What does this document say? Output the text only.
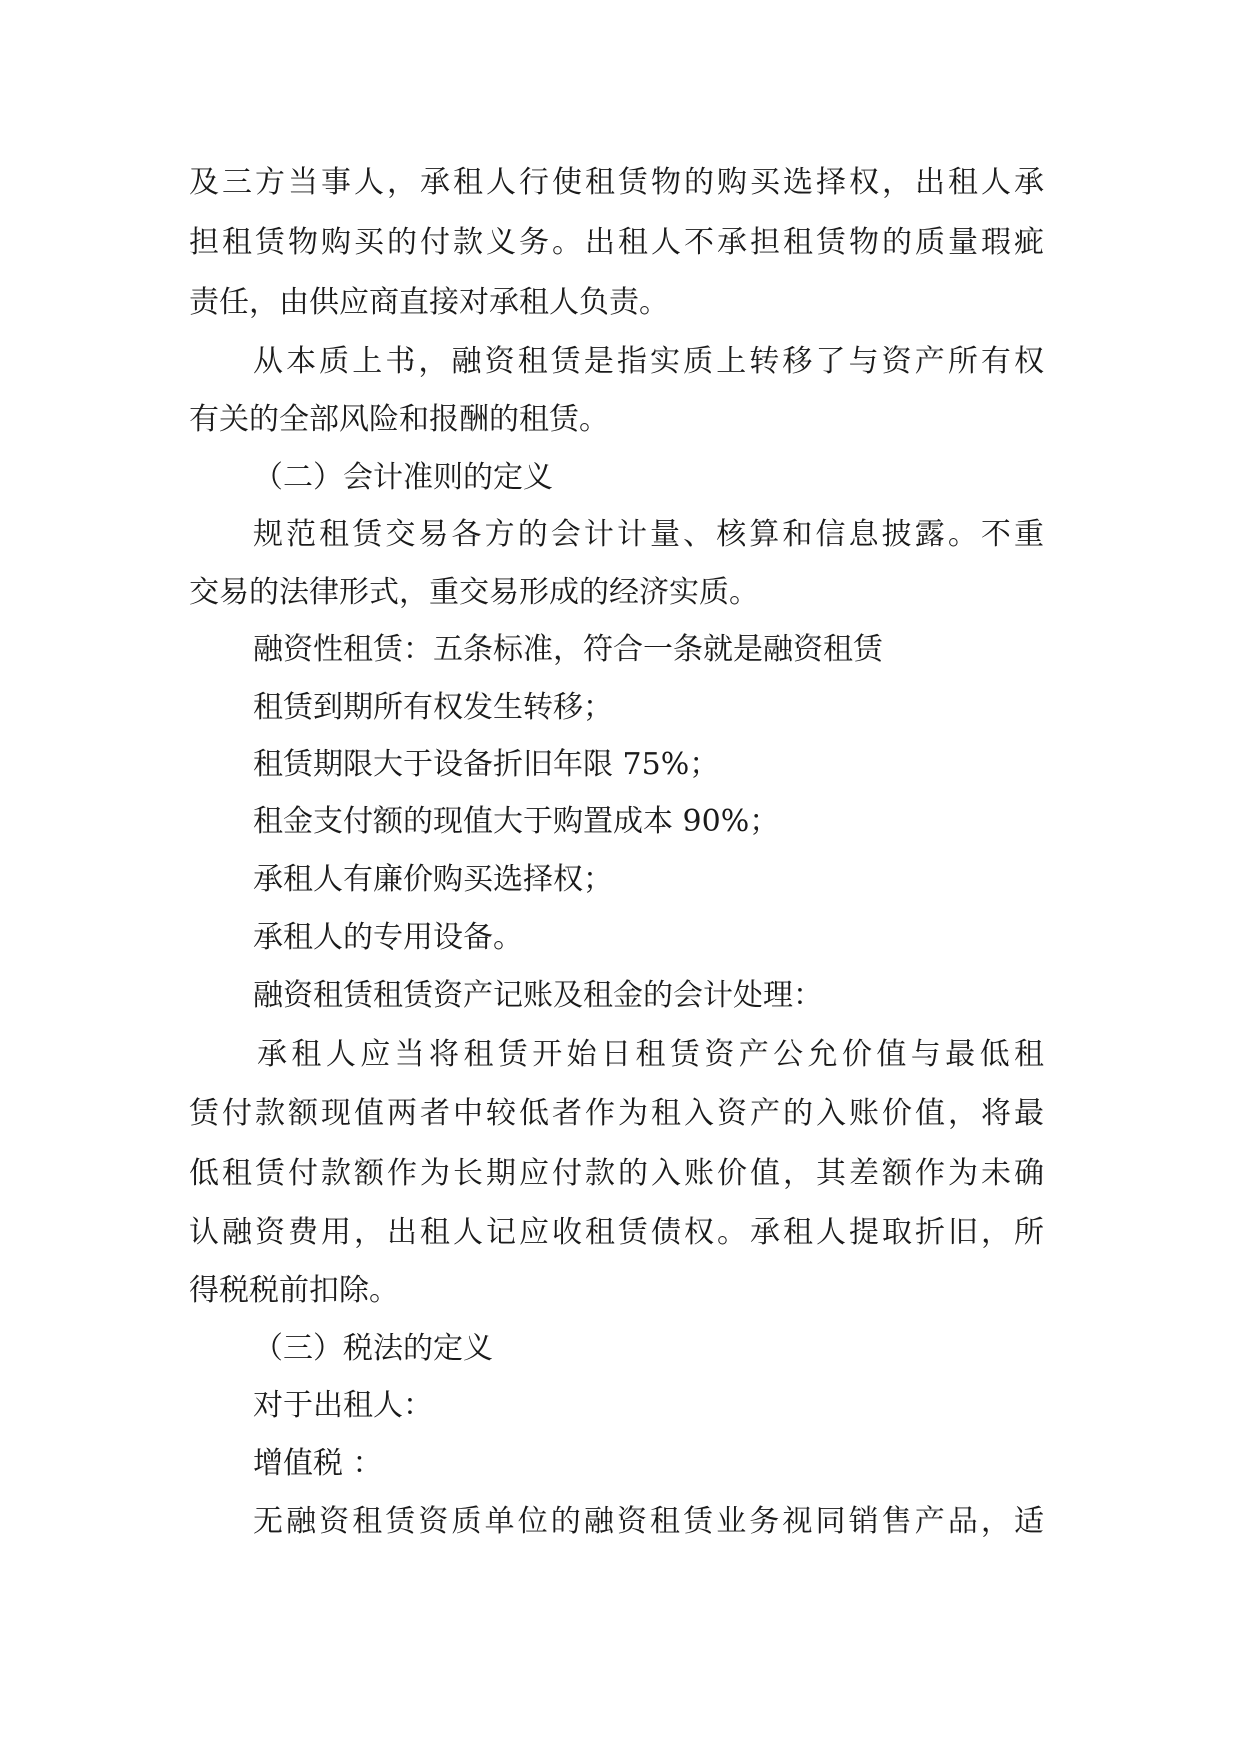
及三方当事人，承租人行使租赁物的购买选择权，出租人承
担租赁物购买的付款义务。出租人不承担租赁物的质量瑕疵
责任，由供应商直接对承租人负责。
从本质上书，融资租赁是指实质上转移了与资产所有权
有关的全部风险和报酬的租赁。
（二）会计准则的定义
规范租赁交易各方的会计计量、核算和信息披露。不重
交易的法律形式，重交易形成的经济实质。
融资性租赁：五条标准，符合一条就是融资租赁
租赁到期所有权发生转移；
租赁期限大于设备折旧年限 75%；
租金支付额的现值大于购置成本 90%；
承租人有廉价购买选择权；
承租人的专用设备。
融资租赁租赁资产记账及租金的会计处理：
承租人应当将租赁开始日租赁资产公允价值与最低租
赁付款额现值两者中较低者作为租入资产的入账价值，将最
低租赁付款额作为长期应付款的入账价值，其差额作为未确
认融资费用，出租人记应收租赁债权。承租人提取折旧，所
得税税前扣除。
（三）税法的定义
对于出租人：
增值税 ：
无融资租赁资质单位的融资租赁业务视同销售产品，适
